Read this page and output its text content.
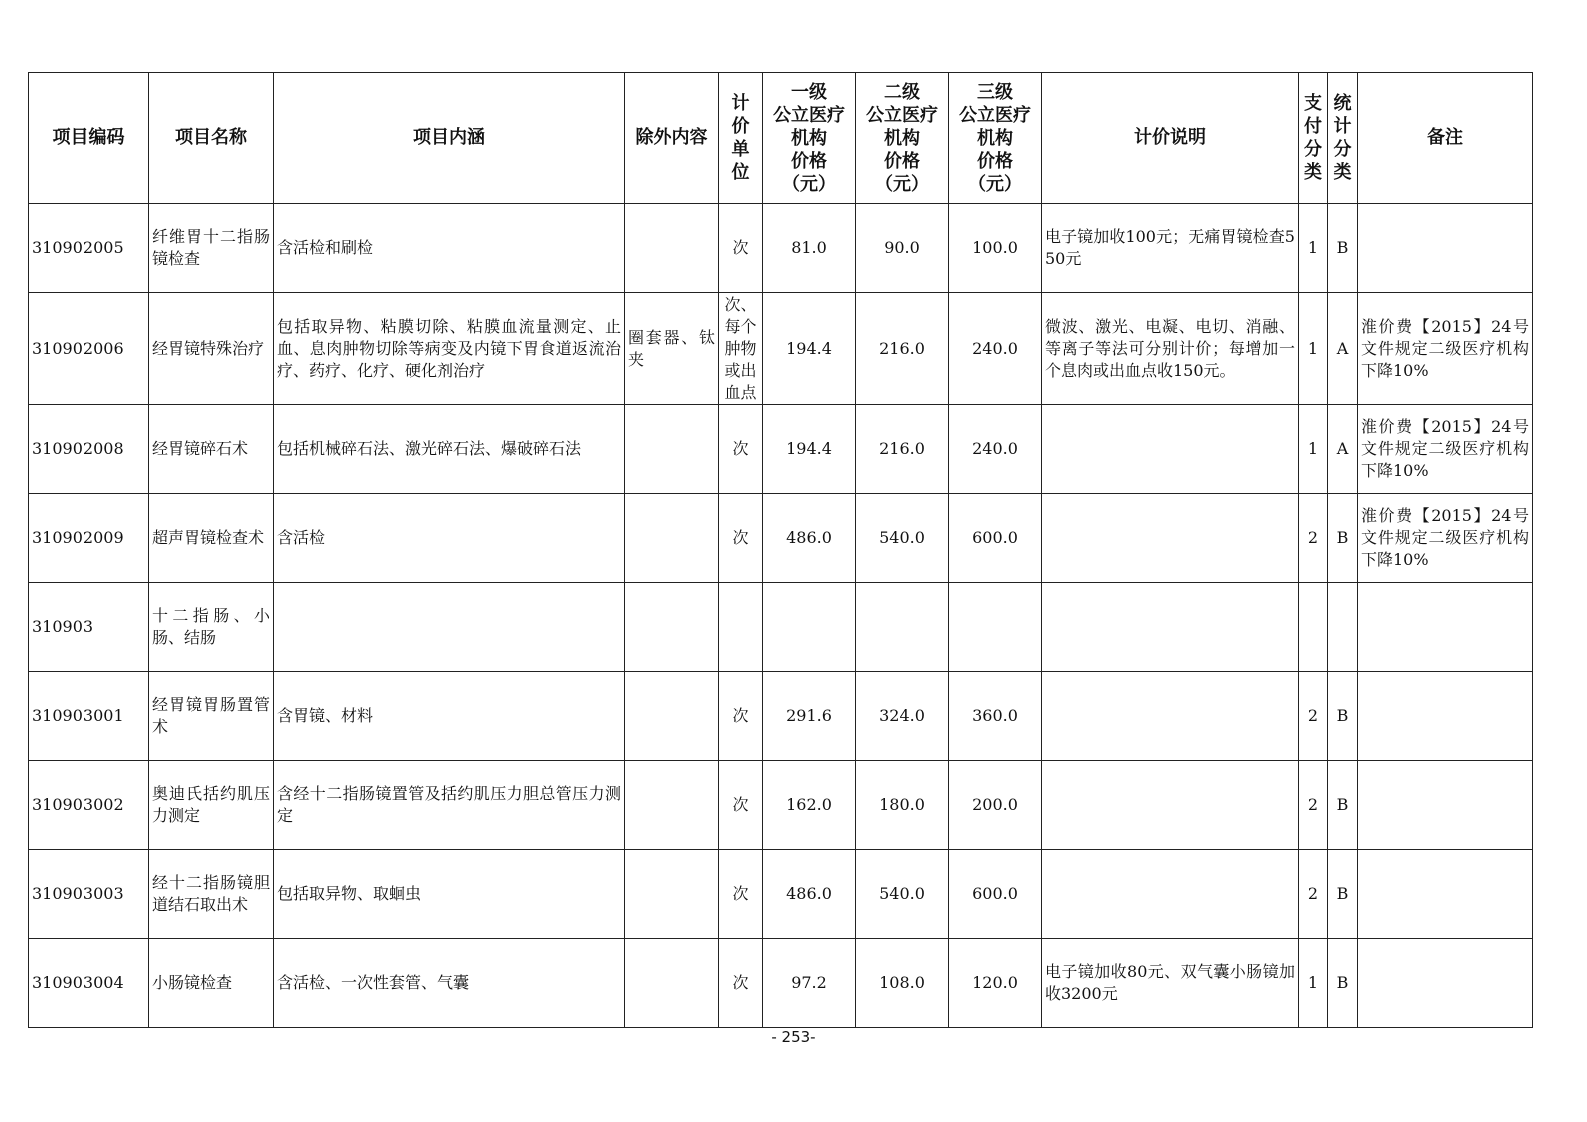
项目编码	项目名称	项目内涵	除外内容	计
价
单
位	一级
公立医疗
机构
价格
（元）	二级
公立医疗
机构
价格
（元）	三级
公立医疗
机构
价格
（元）	计价说明	支
付
分
类	统
计
分
类	备注
310902005	纤维胃十二指肠镜检查	含活检和刷检		次	81.0	90.0	100.0	电子镜加收100元；无痛胃镜检查550元	1	B	
310902006	经胃镜特殊治疗	包括取异物、粘膜切除、粘膜血流量测定、止血、息肉肿物切除等病变及内镜下胃食道返流治疗、药疗、化疗、硬化剂治疗	圈套器、钛夹	次、每个肿物或出血点	194.4	216.0	240.0	微波、激光、电凝、电切、消融、等离子等法可分别计价；每增加一个息肉或出血点收150元。	1	A	淮价费【2015】24号文件规定二级医疗机构下降10%
310902008	经胃镜碎石术	包括机械碎石法、激光碎石法、爆破碎石法		次	194.4	216.0	240.0		1	A	淮价费【2015】24号文件规定二级医疗机构下降10%
310902009	超声胃镜检查术	含活检		次	486.0	540.0	600.0		2	B	淮价费【2015】24号文件规定二级医疗机构下降10%
310903	十二指肠、小肠、结肠										
310903001	经胃镜胃肠置管术	含胃镜、材料		次	291.6	324.0	360.0		2	B	
310903002	奥迪氏括约肌压力测定	含经十二指肠镜置管及括约肌压力胆总管压力测定		次	162.0	180.0	200.0		2	B	
310903003	经十二指肠镜胆道结石取出术	包括取异物、取蛔虫		次	486.0	540.0	600.0		2	B	
310903004	小肠镜检查	含活检、一次性套管、气囊		次	97.2	108.0	120.0	电子镜加收80元、双气囊小肠镜加收3200元	1	B	
- 253-
